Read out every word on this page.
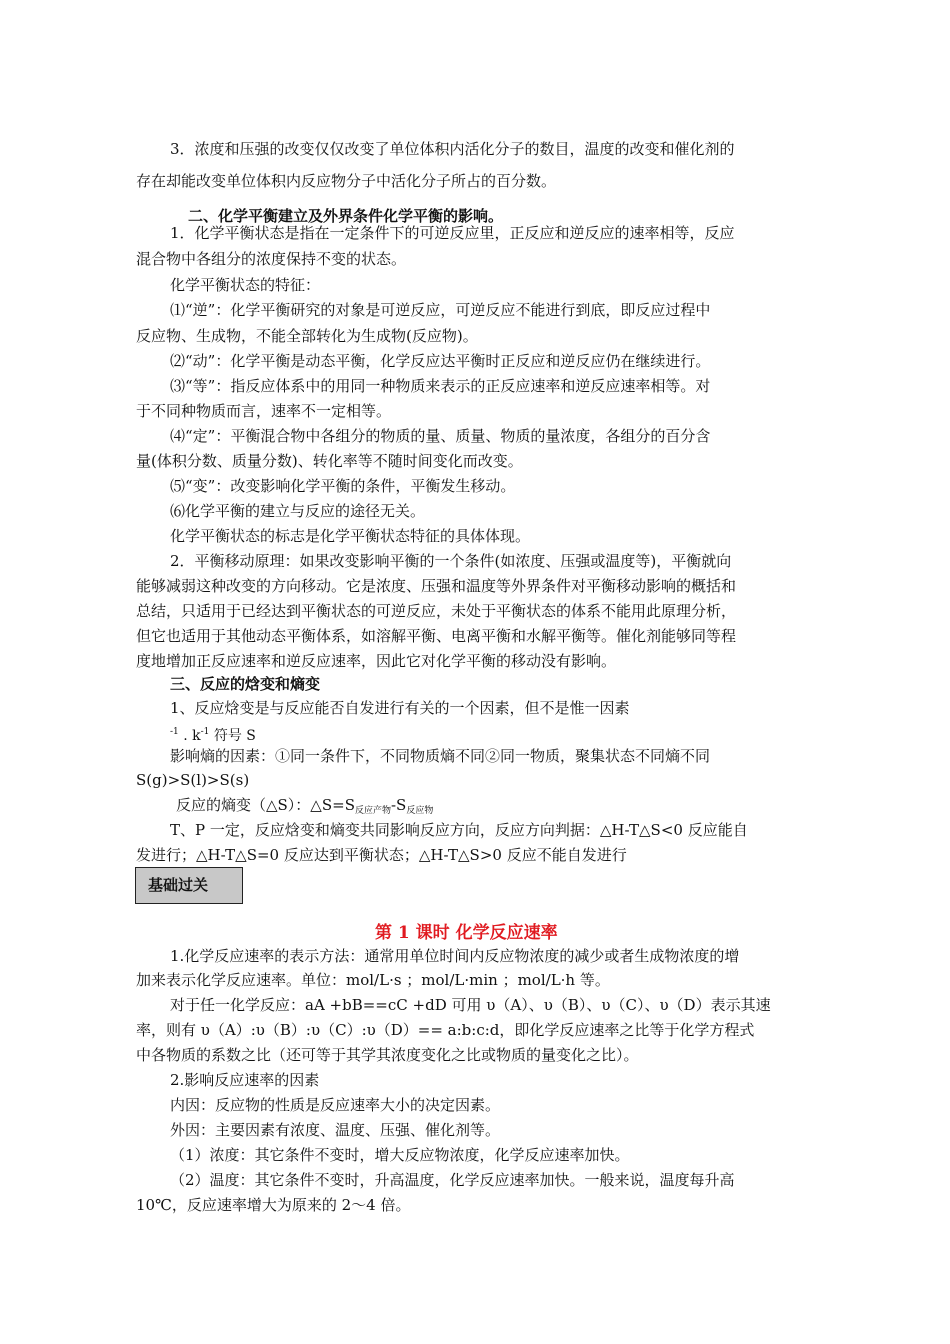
3．浓度和压强的改变仅仅改变了单位体积内活化分子的数目，温度的改变和催化剂的
存在却能改变单位体积内反应物分子中活化分子所占的百分数。
二、化学平衡建立及外界条件化学平衡的影响。
1．化学平衡状态是指在一定条件下的可逆反应里，正反应和逆反应的速率相等，反应
混合物中各组分的浓度保持不变的状态。
化学平衡状态的特征：
⑴“逆”：化学平衡研究的对象是可逆反应，可逆反应不能进行到底，即反应过程中
反应物、生成物，不能全部转化为生成物(反应物)。
⑵“动”：化学平衡是动态平衡，化学反应达平衡时正反应和逆反应仍在继续进行。
⑶“等”：指反应体系中的用同一种物质来表示的正反应速率和逆反应速率相等。对
于不同种物质而言，速率不一定相等。
⑷“定”：平衡混合物中各组分的物质的量、质量、物质的量浓度，各组分的百分含
量(体积分数、质量分数)、转化率等不随时间变化而改变。
⑸“变”：改变影响化学平衡的条件，平衡发生移动。
⑹化学平衡的建立与反应的途径无关。
化学平衡状态的标志是化学平衡状态特征的具体体现。
2．平衡移动原理：如果改变影响平衡的一个条件(如浓度、压强或温度等)，平衡就向
能够减弱这种改变的方向移动。它是浓度、压强和温度等外界条件对平衡移动影响的概括和
总结，只适用于已经达到平衡状态的可逆反应，未处于平衡状态的体系不能用此原理分析，
但它也适用于其他动态平衡体系，如溶解平衡、电离平衡和水解平衡等。催化剂能够同等程
度地增加正反应速率和逆反应速率，因此它对化学平衡的移动没有影响。
三、反应的焓变和熵变
1、反应焓变是与反应能否自发进行有关的一个因素，但不是惟一因素
$^{-1}$ . $k^{-1}$ 符号 S
影响熵的因素：①同一条件下，不同物质熵不同②同一物质，聚集状态不同熵不同
S(g)>S(l)>S(s)
反应的熵变（△S）：$\triangle S=S_{反应产物}-S_{反应物}$
T、P 一定，反应焓变和熵变共同影响反应方向，反应方向判据：△H-T△S<0 反应能自
发进行；△H-T△S=0 反应达到平衡状态；△H-T△S>0 反应不能自发进行
基础过关
第 1 课时 化学反应速率
1.化学反应速率的表示方法：通常用单位时间内反应物浓度的减少或者生成物浓度的增
加来表示化学反应速率。单位：mol/L·s ；mol/L·min ；mol/L·h 等。
对于任一化学反应：aA +bB==cC +dD 可用 υ（A）、υ（B）、υ（C）、υ（D）表示其速
率，则有 υ（A）:υ（B）:υ（C）:υ（D）== a:b:c:d，即化学反应速率之比等于化学方程式
中各物质的系数之比（还可等于其学其浓度变化之比或物质的量变化之比）。
2.影响反应速率的因素
内因：反应物的性质是反应速率大小的决定因素。
外因：主要因素有浓度、温度、压强、催化剂等。
（1）浓度：其它条件不变时，增大反应物浓度，化学反应速率加快。
（2）温度：其它条件不变时，升高温度，化学反应速率加快。一般来说，温度每升高
10℃，反应速率增大为原来的 2～4 倍。
